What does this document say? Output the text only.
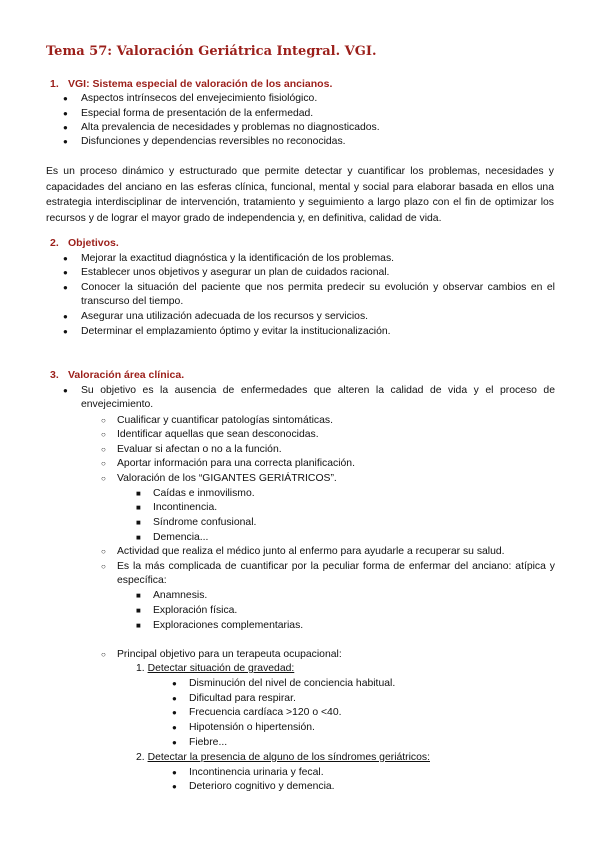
Tema 57: Valoración Geriátrica Integral. VGI.
1. VGI: Sistema especial de valoración de los ancianos.
● Aspectos intrínsecos del envejecimiento fisiológico.
● Especial forma de presentación de la enfermedad.
● Alta prevalencia de necesidades y problemas no diagnosticados.
● Disfunciones y dependencias reversibles no reconocidas.
Es un proceso dinámico y estructurado que permite detectar y cuantificar los problemas, necesidades y capacidades del anciano en las esferas clínica, funcional, mental y social para elaborar basada en ellos una estrategia interdisciplinar de intervención, tratamiento y seguimiento a largo plazo con el fin de optimizar los recursos y de lograr el mayor grado de independencia y, en definitiva, calidad de vida.
2. Objetivos.
● Mejorar la exactitud diagnóstica y la identificación de los problemas.
● Establecer unos objetivos y asegurar un plan de cuidados racional.
● Conocer la situación del paciente que nos permita predecir su evolución y observar cambios en el transcurso del tiempo.
● Asegurar una utilización adecuada de los recursos y servicios.
● Determinar el emplazamiento óptimo y evitar la institucionalización.
3. Valoración área clínica.
● Su objetivo es la ausencia de enfermedades que alteren la calidad de vida y el proceso de envejecimiento.
○ Cualificar y cuantificar patologías sintomáticas.
○ Identificar aquellas que sean desconocidas.
○ Evaluar si afectan o no a la función.
○ Aportar información para una correcta planificación.
○ Valoración de los “GIGANTES GERIÁTRICOS”.
■ Caídas e inmovilismo.
■ Incontinencia.
■ Síndrome confusional.
■ Demencia...
○ Actividad que realiza el médico junto al enfermo para ayudarle a recuperar su salud.
○ Es la más complicada de cuantificar por la peculiar forma de enfermar del anciano: atípica y específica:
■ Anamnesis.
■ Exploración física.
■ Exploraciones complementarias.
○ Principal objetivo para un terapeuta ocupacional:
1. Detectar situación de gravedad:
● Disminución del nivel de conciencia habitual.
● Dificultad para respirar.
● Frecuencia cardíaca >120 o <40.
● Hipotensión o hipertensión.
● Fiebre...
2. Detectar la presencia de alguno de los síndromes geriátricos:
● Incontinencia urinaria y fecal.
● Deterioro cognitivo y demencia.
